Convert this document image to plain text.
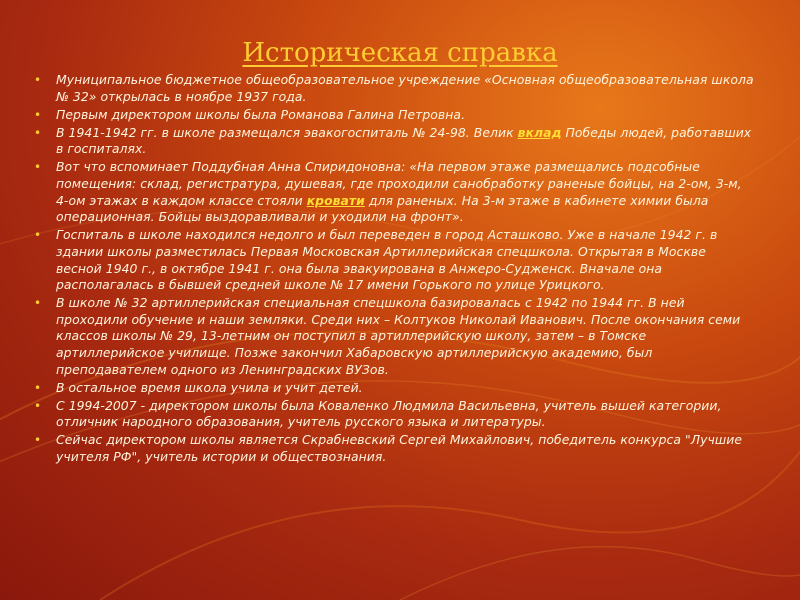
Историческая справка
• Муниципальное бюджетное общеобразовательное учреждение «Основная общеобразовательная школа № 32» открылась в ноябре 1937 года.
• Первым директором школы была Романова Галина Петровна.
• В 1941-1942 гг. в школе размещался эвакогоспиталь № 24-98. Велик вклад Победы людей, работавших в госпиталях.
• Вот что вспоминает Поддубная Анна Спиридоновна: «На первом этаже размещались подсобные помещения: склад, регистратура, душевая, где проходили санобработку раненые бойцы, на 2-ом, 3-м, 4-ом этажах в каждом классе стояли кровати для раненых. На 3-м этаже в кабинете химии была операционная. Бойцы выздоравливали и уходили на фронт».
• Госпиталь в школе находился недолго и был переведен в город Асташково. Уже в начале 1942 г. в здании школы разместилась Первая Московская Артиллерийская спецшкола. Открытая в Москве весной 1940 г., в октябре 1941 г. она была эвакуирована в Анжеро-Судженск. Вначале она располагалась в бывшей средней школе № 17 имени Горького по улице Урицкого.
• В школе № 32 артиллерийская специальная спецшкола базировалась с 1942 по 1944 гг. В ней проходили обучение и наши земляки. Среди них – Колтуков Николай Иванович. После окончания семи классов школы № 29, 13-летним он поступил в артиллерийскую школу, затем – в Томске артиллерийское училище. Позже закончил Хабаровскую артиллерийскую академию, был преподавателем одного из Ленинградских ВУЗов.
• В остальное время школа учила и учит детей.
• С 1994-2007 - директором школы была Коваленко Людмила Васильевна, учитель вышей категории, отличник народного образования, учитель русского языка и литературы.
• Сейчас директором школы является Скрабневский Сергей Михайлович, победитель конкурса "Лучшие учителя РФ", учитель истории и обществознания.
